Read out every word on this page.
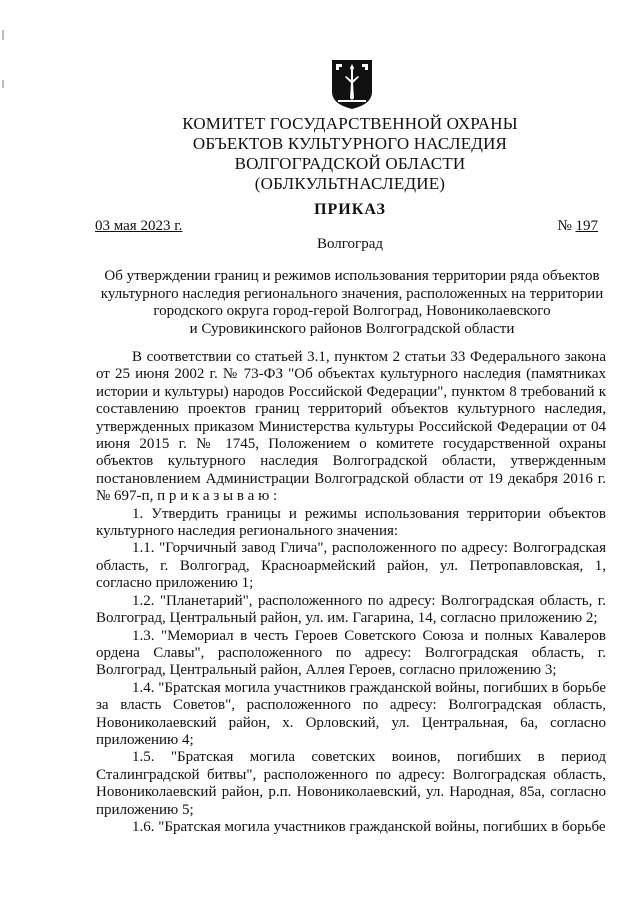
КОМИТЕТ ГОСУДАРСТВЕННОЙ ОХРАНЫ
ОБЪЕКТОВ КУЛЬТУРНОГО НАСЛЕДИЯ
ВОЛГОГРАДСКОЙ ОБЛАСТИ
(ОБЛКУЛЬТНАСЛЕДИЕ)
ПРИКАЗ
03 мая 2023 г.	№ 197
Волгоград
Об утверждении границ и режимов использования территории ряда объектов
культурного наследия регионального значения, расположенных на территории
городского округа город-герой Волгоград, Новониколаевского
и Суровикинского районов Волгоградской области

В соответствии со статьей 3.1, пунктом 2 статьи 33 Федерального закона от 25 июня 2002 г. № 73-ФЗ "Об объектах культурного наследия (памятниках истории и культуры) народов Российской Федерации", пунктом 8 требований к составлению проектов границ территорий объектов культурного наследия, утвержденных приказом Министерства культуры Российской Федерации от 04 июня 2015 г. № 1745, Положением о комитете государственной охраны объектов культурного наследия Волгоградской области, утвержденным постановлением Администрации Волгоградской области от 19 декабря 2016 г. № 697-п, п р и к а з ы в а ю :

1. Утвердить границы и режимы использования территории объектов культурного наследия регионального значения:

1.1. "Горчичный завод Глича", расположенного по адресу: Волгоградская область, г. Волгоград, Красноармейский район, ул. Петропавловская, 1, согласно приложению 1;

1.2. "Планетарий", расположенного по адресу: Волгоградская область, г. Волгоград, Центральный район, ул. им. Гагарина, 14, согласно приложению 2;

1.3. "Мемориал в честь Героев Советского Союза и полных Кавалеров ордена Славы", расположенного по адресу: Волгоградская область, г. Волгоград, Центральный район, Аллея Героев, согласно приложению 3;

1.4. "Братская могила участников гражданской войны, погибших в борьбе за власть Советов", расположенного по адресу: Волгоградская область, Новониколаевский район, х. Орловский, ул. Центральная, 6а, согласно приложению 4;

1.5. "Братская могила советских воинов, погибших в период Сталинградской битвы", расположенного по адресу: Волгоградская область, Новониколаевский район, р.п. Новониколаевский, ул. Народная, 85а, согласно приложению 5;

1.6. "Братская могила участников гражданской войны, погибших в борьбе
